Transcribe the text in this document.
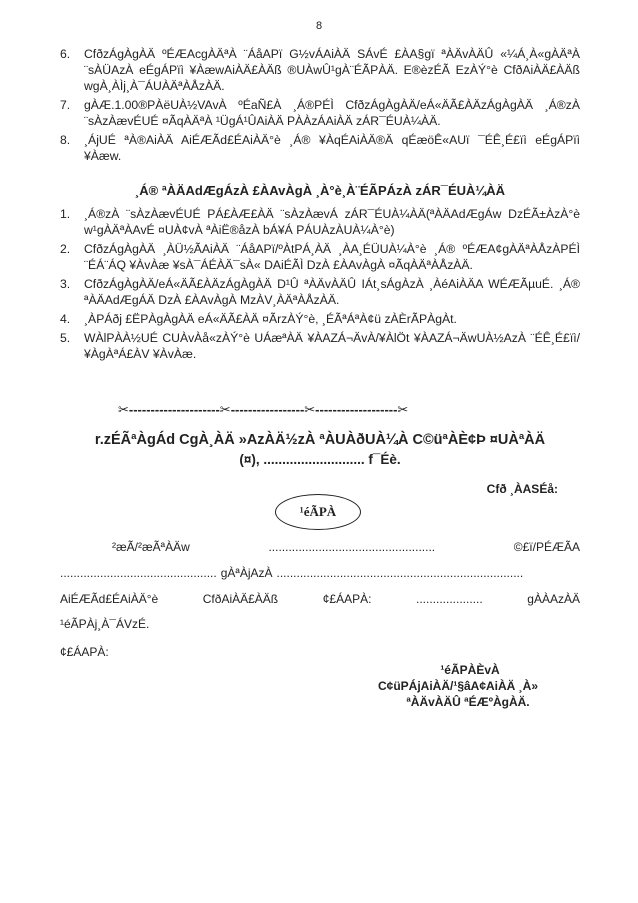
8
6. CfðzÁgÀgÀÄ ºÉÆAcgÀÄªÀ ¨ÁåAPï G½vÁAiÀÄ SÁvÉ £ÀA§gï ªÀÄvÀÄÛ «¼Á¸À«gÀÄªÀ ¨sÀÜAzÀ eÉgÁPïì ¥ÀæwAiÀÄ£ÀÄß ®UÀwÛ¹gÀ¨ÉÃPÀÄ. E®èzÉÃ EzÀÝ°è CfðAiÀÄ£ÀÄß wgÀ¸ÀÌj¸À¯ÁUÀÄªÀÅzÀÄ.
7. gÀÆ.1.00®PÀëUÀ½VAvÀ ºÉaÑ£À ¸Á®PÉÌ CfðzÁgÀgÀÄ/eÁ«ÄÃ£ÀÄzÁgÀgÀÄ ¸Á®zÀ ¨sÀzÀævÉUÉ ¤ÃqÀÄªÀ ¹ÜgÁ¹ÛAiÀÄ PÀÀzÁAiÀÄ zÁR¯ÉUÀ¼ÀÄ.
8. ¸ÁjUÉ ªÀ®AiÀÄ AiÉÆÃd£ÉAiÀÄ°è ¸Á® ¥ÀqÉAiÀÄ®Ä qÉæöÊ«AUï ¯ÉÊ¸É£ïì eÉgÁPïì ¥Àæw.
¸Á® ªÀÄAdÆgÁzÀ £ÀAvÀgÀ ¸À°è¸À¨ÉÃPÁzÀ zÁR¯ÉUÀ¼ÀÄ
1. ¸Á®zÀ ¨sÀzÀævÉUÉ PÁ£ÀÆ£ÀÄ ¨sÀzÀævÁ zÁR¯ÉUÀ¼ÀÄ(ªÀÄAdÆgÁw DzÉÃ±ÀzÀ°è w¹gÀÄªÀAvÉ ¤UÀ¢vÀ ªÀiË®åzÀ bÁ¥Á PÁUÀzÀUÀ¼À°è)
2. CfðzÁgÀgÀÄ ¸ÀÜ½ÃAiÀÄ ¨ÁåAPï/ºÀtPÁ¸ÀÄ ¸ÀA¸ÉÜUÀ¼À°è ¸Á® ºÉÆA¢gÀÄªÀÅzÀPÉÌ ¨ÉÁ¨ÁQ ¥ÀvÀæ ¥sÀ¯ÁÉÀÄ¯sÀ« DAiÉÃÌ DzÀ £ÀAvÀgÀ ¤ÃqÀÄªÀÅzÀÄ.
3. CfðzÁgÀgÀÄ/eÁ«ÄÃ£ÀÄzÁgÀgÀÄ D¹Û ªÀÄvÀÄÛ IÁt¸sÁgÀzÀ ¸ÀéAiÀÄA WÉÆÃµuÉ. ¸Á® ªÀÄAdÆgÁÄ DzÀ £ÀAvÀgÀ MzÀV¸ÀÄªÀÅzÀÄ.
4. ¸ÀPÁðj £ËPÀgÀgÀÄ eÁ«ÄÃ£ÀÄ ¤ÃrzÀÝ°è, ¸ÉÃªÁªÀ¢ü zÀÈrÃPÀgÀt.
5. WÀlPÀÀ½UÉ CUÀvÀå«zÀÝ°è UÁæªÀÄ ¥ÀAZÁ¬ÄvÀ/¥ÀlÖt ¥ÀAZÁ¬ÄwUÀ½AzÀ ¨ÉÊ¸É£ïì/¥ÀgÀªÁ£ÀV ¥ÀvÀæ.
✂---------------------✂-----------------✂-------------------✂
r.zÉÃªÀgÁd CgÀ¸ÀÄ »AzÀÄ½zÀ ªÀUÀðUÀ¼À C©üªÀÈ¢Þ ¤UÀªÀÄ
(¤), ........................... f¯Éè.
Cfð ¸ÀASÉå:
¹éÃPÀ
²æÃ/²æÃªÀÄw	..................................................	©£ï/PÉÆÃA
............................................... gÀªÀjAzÀ ..........................................................................
AiÉÆÃd£ÉAiÀÄ°è	CfðAiÀÄ£ÀÄß	¢£ÁAPÀ:	....................	gÀÀAzÀÄ
¹éÃPÀj¸À¯ÁVzÉ.
¢£ÁAPÀ:
¹éÃPÀÈvÀ
C¢üPÁjAiÀÄ/¹§âA¢AiÀÄ ¸À»
ªÀÄvÀÄÛ ªÉÆºÀgÀÄ.
